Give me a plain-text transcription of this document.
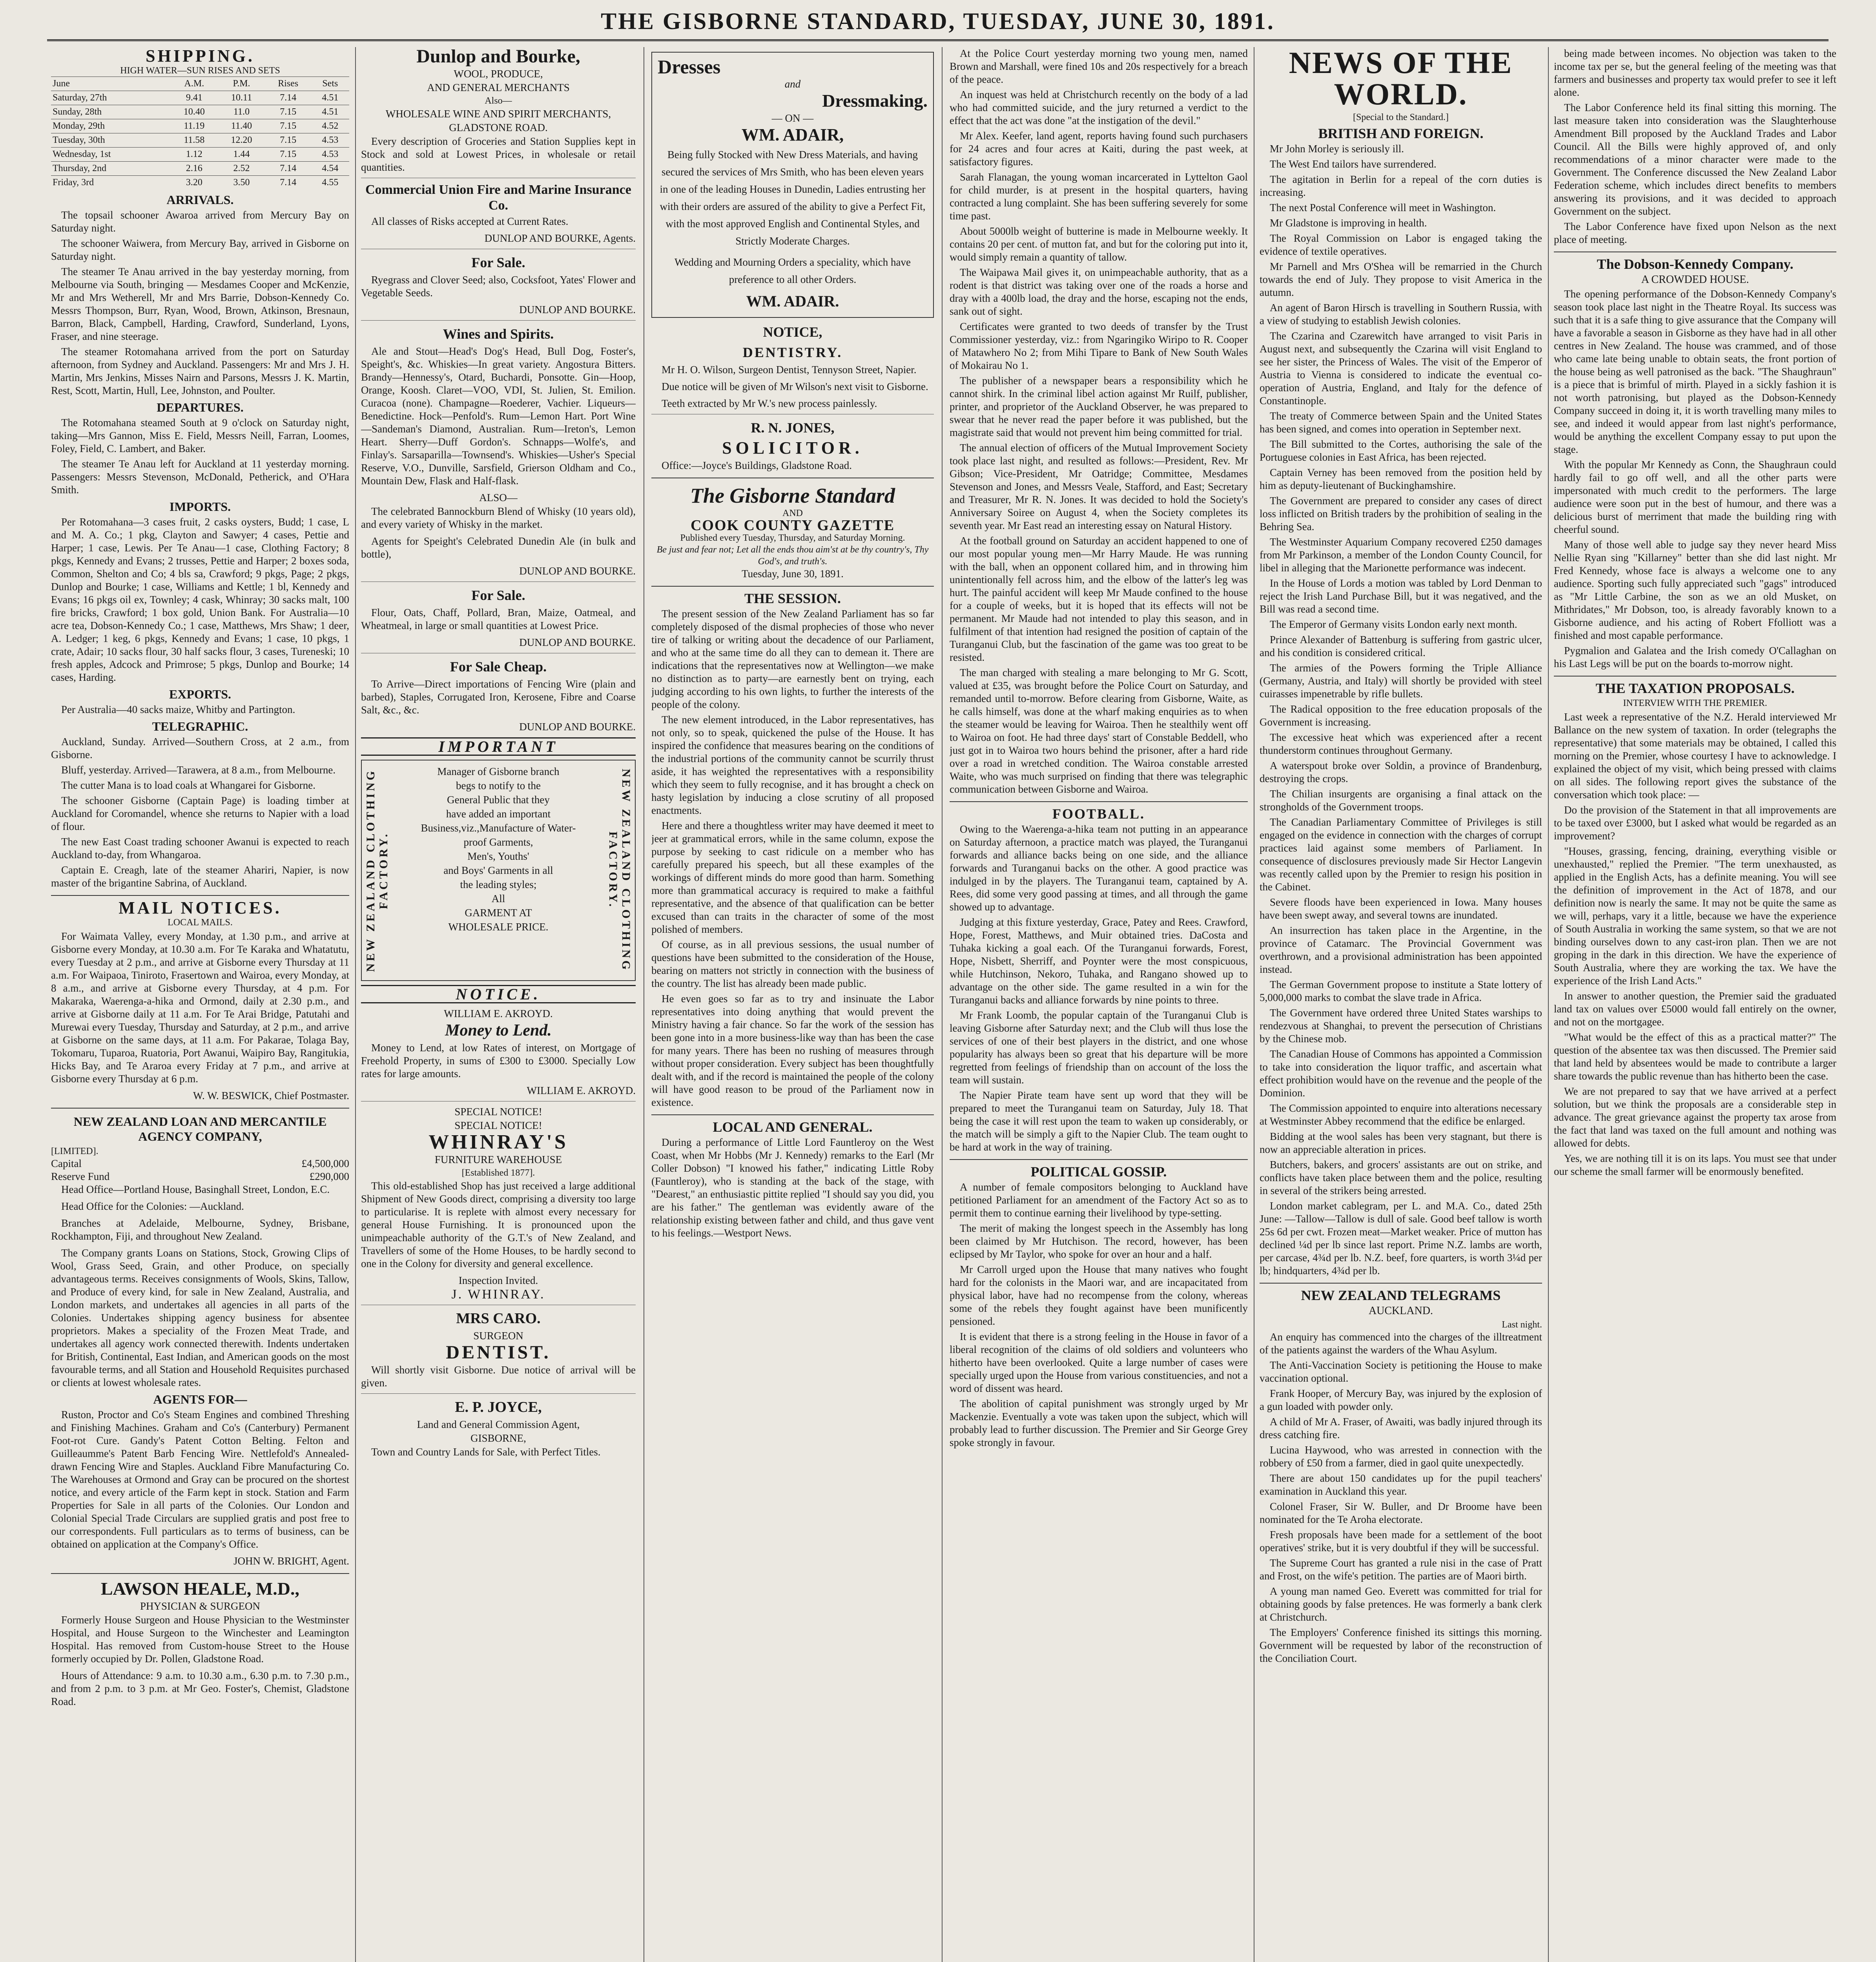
THE GISBORNE STANDARD, TUESDAY, JUNE 30, 1891.
SHIPPING.
HIGH WATER—SUN RISES AND SETS
June	A.M.	P.M.	Rises	Sets
Saturday, 27th	9.41	10.11	7.14	4.51
Sunday, 28th	10.40	11.0	7.15	4.51
Monday, 29th	11.19	11.40	7.15	4.52
Tuesday, 30th	11.58	12.20	7.15	4.53
Wednesday, 1st	1.12	1.44	7.15	4.53
Thursday, 2nd	2.16	2.52	7.14	4.54
Friday, 3rd	3.20	3.50	7.14	4.55
ARRIVALS.

The topsail schooner Awaroa arrived from Mercury Bay on Saturday night.

The schooner Waiwera, from Mercury Bay, arrived in Gisborne on Saturday night.

The steamer Te Anau arrived in the bay yesterday morning, from Melbourne via South, bringing — Mesdames Cooper and McKenzie, Mr and Mrs Wetherell, Mr and Mrs Barrie, Dobson-Kennedy Co. Messrs Thompson, Burr, Ryan, Wood, Brown, Atkinson, Bresnaun, Barron, Black, Campbell, Harding, Crawford, Sunderland, Lyons, Fraser, and nine steerage.

The steamer Rotomahana arrived from the port on Saturday afternoon, from Sydney and Auckland. Passengers: Mr and Mrs J. H. Martin, Mrs Jenkins, Misses Nairn and Parsons, Messrs J. K. Martin, Rest, Scott, Martin, Hull, Lee, Johnston, and Poulter.

DEPARTURES.

The Rotomahana steamed South at 9 o'clock on Saturday night, taking—Mrs Gannon, Miss E. Field, Messrs Neill, Farran, Loomes, Foley, Field, C. Lambert, and Baker.

The steamer Te Anau left for Auckland at 11 yesterday morning. Passengers: Messrs Stevenson, McDonald, Petherick, and O'Hara Smith.

IMPORTS.

Per Rotomahana—3 cases fruit, 2 casks oysters, Budd; 1 case, L and M. A. Co.; 1 pkg, Clayton and Sawyer; 4 cases, Pettie and Harper; 1 case, Lewis. Per Te Anau—1 case, Clothing Factory; 8 pkgs, Kennedy and Evans; 2 trusses, Pettie and Harper; 2 boxes soda, Common, Shelton and Co; 4 bls sa, Crawford; 9 pkgs, Page; 2 pkgs, Dunlop and Bourke; 1 case, Williams and Kettle; 1 bl, Kennedy and Evans; 16 pkgs oil ex, Townley; 4 cask, Whinray; 30 sacks malt, 100 fire bricks, Crawford; 1 box gold, Union Bank. For Australia—10 acre tea, Dobson-Kennedy Co.; 1 case, Matthews, Mrs Shaw; 1 deer, A. Ledger; 1 keg, 6 pkgs, Kennedy and Evans; 1 case, 10 pkgs, 1 crate, Adair; 10 sacks flour, 30 half sacks flour, 3 cases, Tureneski; 10 fresh apples, Adcock and Primrose; 5 pkgs, Dunlop and Bourke; 14 cases, Harding.

EXPORTS.

Per Australia—40 sacks maize, Whitby and Partington.

TELEGRAPHIC.

Auckland, Sunday. Arrived—Southern Cross, at 2 a.m., from Gisborne.

Bluff, yesterday. Arrived—Tarawera, at 8 a.m., from Melbourne.

The cutter Mana is to load coals at Whangarei for Gisborne.

The schooner Gisborne (Captain Page) is loading timber at Auckland for Coromandel, whence she returns to Napier with a load of flour.

The new East Coast trading schooner Awanui is expected to reach Auckland to-day, from Whangaroa.

Captain E. Creagh, late of the steamer Ahariri, Napier, is now master of the brigantine Sabrina, of Auckland.

MAIL NOTICES.
LOCAL MAILS.

For Waimata Valley, every Monday, at 1.30 p.m., and arrive at Gisborne every Monday, at 10.30 a.m. For Te Karaka and Whatatutu, every Tuesday at 2 p.m., and arrive at Gisborne every Thursday at 11 a.m. For Waipaoa, Tiniroto, Frasertown and Wairoa, every Monday, at 8 a.m., and arrive at Gisborne every Thursday, at 4 p.m. For Makaraka, Waerenga-a-hika and Ormond, daily at 2.30 p.m., and arrive at Gisborne daily at 11 a.m. For Te Arai Bridge, Patutahi and Murewai every Tuesday, Thursday and Saturday, at 2 p.m., and arrive at Gisborne on the same days, at 11 a.m. For Pakarae, Tolaga Bay, Tokomaru, Tuparoa, Ruatoria, Port Awanui, Waipiro Bay, Rangitukia, Hicks Bay, and Te Araroa every Friday at 7 p.m., and arrive at Gisborne every Thursday at 6 p.m.

W. W. BESWICK, Chief Postmaster.
NEW ZEALAND LOAN AND MERCANTILE AGENCY COMPANY,
[LIMITED].
Capital	£4,500,000
Reserve Fund	£290,000

Head Office—Portland House, Basinghall Street, London, E.C.

Head Office for the Colonies: —Auckland.

Branches at Adelaide, Melbourne, Sydney, Brisbane, Rockhampton, Fiji, and throughout New Zealand.

The Company grants Loans on Stations, Stock, Growing Clips of Wool, Grass Seed, Grain, and other Produce, on specially advantageous terms. Receives consignments of Wools, Skins, Tallow, and Produce of every kind, for sale in New Zealand, Australia, and London markets, and undertakes all agencies in all parts of the Colonies. Undertakes shipping agency business for absentee proprietors. Makes a speciality of the Frozen Meat Trade, and undertakes all agency work connected therewith. Indents undertaken for British, Continental, East Indian, and American goods on the most favourable terms, and all Station and Household Requisites purchased or clients at lowest wholesale rates.

AGENTS FOR—

Ruston, Proctor and Co's Steam Engines and combined Threshing and Finishing Machines. Graham and Co's (Canterbury) Permanent Foot-rot Cure. Gandy's Patent Cotton Belting. Felton and Guilleaumme's Patent Barb Fencing Wire. Nettlefold's Annealed-drawn Fencing Wire and Staples. Auckland Fibre Manufacturing Co. The Warehouses at Ormond and Gray can be procured on the shortest notice, and every article of the Farm kept in stock. Station and Farm Properties for Sale in all parts of the Colonies. Our London and Colonial Special Trade Circulars are supplied gratis and post free to our correspondents. Full particulars as to terms of business, can be obtained on application at the Company's Office.

JOHN W. BRIGHT, Agent.
LAWSON HEALE, M.D.,
PHYSICIAN & SURGEON

Formerly House Surgeon and House Physician to the Westminster Hospital, and House Surgeon to the Winchester and Leamington Hospital. Has removed from Custom-house Street to the House formerly occupied by Dr. Pollen, Gladstone Road.

Hours of Attendance: 9 a.m. to 10.30 a.m., 6.30 p.m. to 7.30 p.m., and from 2 p.m. to 3 p.m. at Mr Geo. Foster's, Chemist, Gladstone Road.

Dunlop and Bourke,
WOOL, PRODUCE,
AND GENERAL MERCHANTS
Also—
WHOLESALE WINE AND SPIRIT MERCHANTS,
GLADSTONE ROAD.

Every description of Groceries and Station Supplies kept in Stock and sold at Lowest Prices, in wholesale or retail quantities.

Commercial Union Fire and Marine Insurance Co.

All classes of Risks accepted at Current Rates.

DUNLOP AND BOURKE, Agents.
For Sale.

Ryegrass and Clover Seed; also, Cocksfoot, Yates' Flower and Vegetable Seeds.

DUNLOP AND BOURKE.
Wines and Spirits.

Ale and Stout—Head's Dog's Head, Bull Dog, Foster's, Speight's, &c. Whiskies—In great variety. Angostura Bitters. Brandy—Hennessy's, Otard, Buchardi, Ponsotte. Gin—Hoop, Orange, Koosh. Claret—VOO, VDI, St. Julien, St. Emilion. Curacoa (none). Champagne—Roederer, Vachier. Liqueurs—Benedictine. Hock—Penfold's. Rum—Lemon Hart. Port Wine—Sandeman's Diamond, Australian. Rum—Ireton's, Lemon Heart. Sherry—Duff Gordon's. Schnapps—Wolfe's, and Finlay's. Sarsaparilla—Townsend's. Whiskies—Usher's Special Reserve, V.O., Dunville, Sarsfield, Grierson Oldham and Co., Mountain Dew, Flask and Half-flask.

ALSO—

The celebrated Bannockburn Blend of Whisky (10 years old), and every variety of Whisky in the market.

Agents for Speight's Celebrated Dunedin Ale (in bulk and bottle),

DUNLOP AND BOURKE.
For Sale.

Flour, Oats, Chaff, Pollard, Bran, Maize, Oatmeal, and Wheatmeal, in large or small quantities at Lowest Price.

DUNLOP AND BOURKE.
For Sale Cheap.

To Arrive—Direct importations of Fencing Wire (plain and barbed), Staples, Corrugated Iron, Kerosene, Fibre and Coarse Salt, &c., &c.

DUNLOP AND BOURKE.
IMPORTANT
NEW ZEALAND CLOTHING FACTORY.	NEW ZEALAND CLOTHING FACTORY.
Manager of Gisborne branch
begs to notify to the
General Public that they
have added an important
Business,viz.,Manufacture of Water-
proof Garments,
Men's, Youths'
and Boys' Garments in all
the leading styles;
All
GARMENT AT
WHOLESALE PRICE.
NOTICE.
WILLIAM E. AKROYD.
Money to Lend.

Money to Lend, at low Rates of interest, on Mortgage of Freehold Property, in sums of £300 to £3000. Specially Low rates for large amounts.

WILLIAM E. AKROYD.
SPECIAL NOTICE!
SPECIAL NOTICE!
WHINRAY'S
FURNITURE WAREHOUSE
[Established 1877].

This old-established Shop has just received a large additional Shipment of New Goods direct, comprising a diversity too large to particularise. It is replete with almost every necessary for general House Furnishing. It is pronounced upon the unimpeachable authority of the G.T.'s of New Zealand, and Travellers of some of the Home Houses, to be hardly second to one in the Colony for diversity and general excellence.

Inspection Invited.
J. WHINRAY.
MRS CARO.
SURGEON
DENTIST.

Will shortly visit Gisborne. Due notice of arrival will be given.

E. P. JOYCE,
Land and General Commission Agent,
GISBORNE,

Town and Country Lands for Sale, with Perfect Titles.

Dresses
and
Dressmaking.
— ON —
WM. ADAIR,

Being fully Stocked with New Dress Materials, and having secured the services of Mrs Smith, who has been eleven years in one of the leading Houses in Dunedin, Ladies entrusting her with their orders are assured of the ability to give a Perfect Fit, with the most approved English and Continental Styles, and Strictly Moderate Charges.

Wedding and Mourning Orders a speciality, which have preference to all other Orders.

WM. ADAIR.
NOTICE,
DENTISTRY.

Mr H. O. Wilson, Surgeon Dentist, Tennyson Street, Napier.

Due notice will be given of Mr Wilson's next visit to Gisborne.

Teeth extracted by Mr W.'s new process painlessly.

R. N. JONES,
SOLICITOR.

Office:—Joyce's Buildings, Gladstone Road.

The Gisborne Standard
AND
COOK COUNTY GAZETTE
Published every Tuesday, Thursday, and Saturday Morning.
Be just and fear not; Let all the ends thou aim'st at be thy country's, Thy God's, and truth's.
Tuesday, June 30, 1891.
THE SESSION.

The present session of the New Zealand Parliament has so far completely disposed of the dismal prophecies of those who never tire of talking or writing about the decadence of our Parliament, and who at the same time do all they can to demean it. There are indications that the representatives now at Wellington—we make no distinction as to party—are earnestly bent on trying, each judging according to his own lights, to further the interests of the people of the colony.

The new element introduced, in the Labor representatives, has not only, so to speak, quickened the pulse of the House. It has inspired the confidence that measures bearing on the conditions of the industrial portions of the community cannot be scurrily thrust aside, it has weighted the representatives with a responsibility which they seem to fully recognise, and it has brought a check on hasty legislation by inducing a close scrutiny of all proposed enactments.

Here and there a thoughtless writer may have deemed it meet to jeer at grammatical errors, while in the same column, expose the purpose by seeking to cast ridicule on a member who has carefully prepared his speech, but all these examples of the workings of different minds do more good than harm. Something more than grammatical accuracy is required to make a faithful representative, and the absence of that qualification can be better excused than can traits in the character of some of the most polished of members.

Of course, as in all previous sessions, the usual number of questions have been submitted to the consideration of the House, bearing on matters not strictly in connection with the business of the country. The list has already been made public.

He even goes so far as to try and insinuate the Labor representatives into doing anything that would prevent the Ministry having a fair chance. So far the work of the session has been gone into in a more business-like way than has been the case for many years. There has been no rushing of measures through without proper consideration. Every subject has been thoughtfully dealt with, and if the record is maintained the people of the colony will have good reason to be proud of the Parliament now in existence.

LOCAL AND GENERAL.

During a performance of Little Lord Fauntleroy on the West Coast, when Mr Hobbs (Mr J. Kennedy) remarks to the Earl (Mr Coller Dobson) "I knowed his father," indicating Little Roby (Fauntleroy), who is standing at the back of the stage, with "Dearest," an enthusiastic pittite replied "I should say you did, you are his father." The gentleman was evidently aware of the relationship existing between father and child, and thus gave vent to his feelings.—Westport News.

At the Police Court yesterday morning two young men, named Brown and Marshall, were fined 10s and 20s respectively for a breach of the peace.

An inquest was held at Christchurch recently on the body of a lad who had committed suicide, and the jury returned a verdict to the effect that the act was done "at the instigation of the devil."

Mr Alex. Keefer, land agent, reports having found such purchasers for 24 acres and four acres at Kaiti, during the past week, at satisfactory figures.

Sarah Flanagan, the young woman incarcerated in Lyttelton Gaol for child murder, is at present in the hospital quarters, having contracted a lung complaint. She has been suffering severely for some time past.

About 5000lb weight of butterine is made in Melbourne weekly. It contains 20 per cent. of mutton fat, and but for the coloring put into it, would simply remain a quantity of tallow.

The Waipawa Mail gives it, on unimpeachable authority, that as a rodent is that district was taking over one of the roads a horse and dray with a 400lb load, the dray and the horse, escaping not the ends, sank out of sight.

Certificates were granted to two deeds of transfer by the Trust Commissioner yesterday, viz.: from Ngaringiko Wiripo to R. Cooper of Matawhero No 2; from Mihi Tipare to Bank of New South Wales of Mokairau No 1.

The publisher of a newspaper bears a responsibility which he cannot shirk. In the criminal libel action against Mr Ruilf, publisher, printer, and proprietor of the Auckland Observer, he was prepared to swear that he never read the paper before it was published, but the magistrate said that would not prevent him being committed for trial.

The annual election of officers of the Mutual Improvement Society took place last night, and resulted as follows:—President, Rev. Mr Gibson; Vice-President, Mr Oatridge; Committee, Mesdames Stevenson and Jones, and Messrs Veale, Stafford, and East; Secretary and Treasurer, Mr R. N. Jones. It was decided to hold the Society's Anniversary Soiree on August 4, when the Society completes its seventh year. Mr East read an interesting essay on Natural History.

At the football ground on Saturday an accident happened to one of our most popular young men—Mr Harry Maude. He was running with the ball, when an opponent collared him, and in throwing him unintentionally fell across him, and the elbow of the latter's leg was hurt. The painful accident will keep Mr Maude confined to the house for a couple of weeks, but it is hoped that its effects will not be permanent. Mr Maude had not intended to play this season, and in fulfilment of that intention had resigned the position of captain of the Turanganui Club, but the fascination of the game was too great to be resisted.

The man charged with stealing a mare belonging to Mr G. Scott, valued at £35, was brought before the Police Court on Saturday, and remanded until to-morrow. Before clearing from Gisborne, Waite, as he calls himself, was done at the wharf making enquiries as to when the steamer would be leaving for Wairoa. Then he stealthily went off to Wairoa on foot. He had three days' start of Constable Beddell, who just got in to Wairoa two hours behind the prisoner, after a hard ride over a road in wretched condition. The Wairoa constable arrested Waite, who was much surprised on finding that there was telegraphic communication between Gisborne and Wairoa.

FOOTBALL.

Owing to the Waerenga-a-hika team not putting in an appearance on Saturday afternoon, a practice match was played, the Turanganui forwards and alliance backs being on one side, and the alliance forwards and Turanganui backs on the other. A good practice was indulged in by the players. The Turanganui team, captained by A. Rees, did some very good passing at times, and all through the game showed up to advantage.

Judging at this fixture yesterday, Grace, Patey and Rees. Crawford, Hope, Forest, Matthews, and Muir obtained tries. DaCosta and Tuhaka kicking a goal each. Of the Turanganui forwards, Forest, Hope, Nisbett, Sherriff, and Poynter were the most conspicuous, while Hutchinson, Nekoro, Tuhaka, and Rangano showed up to advantage on the other side. The game resulted in a win for the Turanganui backs and alliance forwards by nine points to three.

Mr Frank Loomb, the popular captain of the Turanganui Club is leaving Gisborne after Saturday next; and the Club will thus lose the services of one of their best players in the district, and one whose popularity has always been so great that his departure will be more regretted from feelings of friendship than on account of the loss the team will sustain.

The Napier Pirate team have sent up word that they will be prepared to meet the Turanganui team on Saturday, July 18. That being the case it will rest upon the team to waken up considerably, or the match will be simply a gift to the Napier Club. The team ought to be hard at work in the way of training.

POLITICAL GOSSIP.

A number of female compositors belonging to Auckland have petitioned Parliament for an amendment of the Factory Act so as to permit them to continue earning their livelihood by type-setting.

The merit of making the longest speech in the Assembly has long been claimed by Mr Hutchison. The record, however, has been eclipsed by Mr Taylor, who spoke for over an hour and a half.

Mr Carroll urged upon the House that many natives who fought hard for the colonists in the Maori war, and are incapacitated from physical labor, have had no recompense from the colony, whereas some of the rebels they fought against have been munificently pensioned.

It is evident that there is a strong feeling in the House in favor of a liberal recognition of the claims of old soldiers and volunteers who hitherto have been overlooked. Quite a large number of cases were specially urged upon the House from various constituencies, and not a word of dissent was heard.

The abolition of capital punishment was strongly urged by Mr Mackenzie. Eventually a vote was taken upon the subject, which will probably lead to further discussion. The Premier and Sir George Grey spoke strongly in favour.

NEWS OF THE WORLD.
[Special to the Standard.]
BRITISH AND FOREIGN.

Mr John Morley is seriously ill.

The West End tailors have surrendered.

The agitation in Berlin for a repeal of the corn duties is increasing.

The next Postal Conference will meet in Washington.

Mr Gladstone is improving in health.

The Royal Commission on Labor is engaged taking the evidence of textile operatives.

Mr Parnell and Mrs O'Shea will be remarried in the Church towards the end of July. They propose to visit America in the autumn.

An agent of Baron Hirsch is travelling in Southern Russia, with a view of studying to establish Jewish colonies.

The Czarina and Czarewitch have arranged to visit Paris in August next, and subsequently the Czarina will visit England to see her sister, the Princess of Wales. The visit of the Emperor of Austria to Vienna is considered to indicate the eventual co-operation of Austria, England, and Italy for the defence of Constantinople.

The treaty of Commerce between Spain and the United States has been signed, and comes into operation in September next.

The Bill submitted to the Cortes, authorising the sale of the Portuguese colonies in East Africa, has been rejected.

Captain Verney has been removed from the position held by him as deputy-lieutenant of Buckinghamshire.

The Government are prepared to consider any cases of direct loss inflicted on British traders by the prohibition of sealing in the Behring Sea.

The Westminster Aquarium Company recovered £250 damages from Mr Parkinson, a member of the London County Council, for libel in alleging that the Marionette performance was indecent.

In the House of Lords a motion was tabled by Lord Denman to reject the Irish Land Purchase Bill, but it was negatived, and the Bill was read a second time.

The Emperor of Germany visits London early next month.

Prince Alexander of Battenburg is suffering from gastric ulcer, and his condition is considered critical.

The armies of the Powers forming the Triple Alliance (Germany, Austria, and Italy) will shortly be provided with steel cuirasses impenetrable by rifle bullets.

The Radical opposition to the free education proposals of the Government is increasing.

The excessive heat which was experienced after a recent thunderstorm continues throughout Germany.

A waterspout broke over Soldin, a province of Brandenburg, destroying the crops.

The Chilian insurgents are organising a final attack on the strongholds of the Government troops.

The Canadian Parliamentary Committee of Privileges is still engaged on the evidence in connection with the charges of corrupt practices laid against some members of Parliament. In consequence of disclosures previously made Sir Hector Langevin was recently called upon by the Premier to resign his position in the Cabinet.

Severe floods have been experienced in Iowa. Many houses have been swept away, and several towns are inundated.

An insurrection has taken place in the Argentine, in the province of Catamarc. The Provincial Government was overthrown, and a provisional administration has been appointed instead.

The German Government propose to institute a State lottery of 5,000,000 marks to combat the slave trade in Africa.

The Government have ordered three United States warships to rendezvous at Shanghai, to prevent the persecution of Christians by the Chinese mob.

The Canadian House of Commons has appointed a Commission to take into consideration the liquor traffic, and ascertain what effect prohibition would have on the revenue and the people of the Dominion.

The Commission appointed to enquire into alterations necessary at Westminster Abbey recommend that the edifice be enlarged.

Bidding at the wool sales has been very stagnant, but there is now an appreciable alteration in prices.

Butchers, bakers, and grocers' assistants are out on strike, and conflicts have taken place between them and the police, resulting in several of the strikers being arrested.

London market cablegram, per L. and M.A. Co., dated 25th June: —Tallow—Tallow is dull of sale. Good beef tallow is worth 25s 6d per cwt. Frozen meat—Market weaker. Price of mutton has declined ¼d per lb since last report. Prime N.Z. lambs are worth, per carcase, 4¾d per lb. N.Z. beef, fore quarters, is worth 3¼d per lb; hindquarters, 4¾d per lb.

NEW ZEALAND TELEGRAMS
AUCKLAND.
Last night.

An enquiry has commenced into the charges of the illtreatment of the patients against the warders of the Whau Asylum.

The Anti-Vaccination Society is petitioning the House to make vaccination optional.

Frank Hooper, of Mercury Bay, was injured by the explosion of a gun loaded with powder only.

A child of Mr A. Fraser, of Awaiti, was badly injured through its dress catching fire.

Lucina Haywood, who was arrested in connection with the robbery of £50 from a farmer, died in gaol quite unexpectedly.

There are about 150 candidates up for the pupil teachers' examination in Auckland this year.

Colonel Fraser, Sir W. Buller, and Dr Broome have been nominated for the Te Aroha electorate.

Fresh proposals have been made for a settlement of the boot operatives' strike, but it is very doubtful if they will be successful.

The Supreme Court has granted a rule nisi in the case of Pratt and Frost, on the wife's petition. The parties are of Maori birth.

A young man named Geo. Everett was committed for trial for obtaining goods by false pretences. He was formerly a bank clerk at Christchurch.

The Employers' Conference finished its sittings this morning. Government will be requested by labor of the reconstruction of the Conciliation Court.

being made between incomes. No objection was taken to the income tax per se, but the general feeling of the meeting was that farmers and businesses and property tax would prefer to see it left alone.

The Labor Conference held its final sitting this morning. The last measure taken into consideration was the Slaughterhouse Amendment Bill proposed by the Auckland Trades and Labor Council. All the Bills were highly approved of, and only recommendations of a minor character were made to the Government. The Conference discussed the New Zealand Labor Federation scheme, which includes direct benefits to members answering its provisions, and it was decided to approach Government on the subject.

The Labor Conference have fixed upon Nelson as the next place of meeting.

The Dobson-Kennedy Company.
A CROWDED HOUSE.

The opening performance of the Dobson-Kennedy Company's season took place last night in the Theatre Royal. Its success was such that it is a safe thing to give assurance that the Company will have a favorable a season in Gisborne as they have had in all other centres in New Zealand. The house was crammed, and of those who came late being unable to obtain seats, the front portion of the house being as well patronised as the back. "The Shaughraun" is a piece that is brimful of mirth. Played in a sickly fashion it is not worth patronising, but played as the Dobson-Kennedy Company succeed in doing it, it is worth travelling many miles to see, and indeed it would appear from last night's performance, would be anything the excellent Company essay to put upon the stage.

With the popular Mr Kennedy as Conn, the Shaughraun could hardly fail to go off well, and all the other parts were impersonated with much credit to the performers. The large audience were soon put in the best of humour, and there was a delicious burst of merriment that made the building ring with cheerful sound.

Many of those well able to judge say they never heard Miss Nellie Ryan sing "Killarney" better than she did last night. Mr Fred Kennedy, whose face is always a welcome one to any audience. Sporting such fully appreciated such "gags" introduced as "Mr Little Carbine, the son as we an old Musket, on Mithridates," Mr Dobson, too, is already favorably known to a Gisborne audience, and his acting of Robert Ffolliott was a finished and most capable performance.

Pygmalion and Galatea and the Irish comedy O'Callaghan on his Last Legs will be put on the boards to-morrow night.

THE TAXATION PROPOSALS.
INTERVIEW WITH THE PREMIER.

Last week a representative of the N.Z. Herald interviewed Mr Ballance on the new system of taxation. In order (telegraphs the representative) that some materials may be obtained, I called this morning on the Premier, whose courtesy I have to acknowledge. I explained the object of my visit, which being pressed with claims on all sides. The following report gives the substance of the conversation which took place: —

Do the provision of the Statement in that all improvements are to be taxed over £3000, but I asked what would be regarded as an improvement?

"Houses, grassing, fencing, draining, everything visible or unexhausted," replied the Premier. "The term unexhausted, as applied in the English Acts, has a definite meaning. You will see the definition of improvement in the Act of 1878, and our definition now is nearly the same. It may not be quite the same as we will, perhaps, vary it a little, because we have the experience of South Australia in working the same system, so that we are not binding ourselves down to any cast-iron plan. Then we are not groping in the dark in this direction. We have the experience of South Australia, where they are working the tax. We have the experience of the Irish Land Acts."

In answer to another question, the Premier said the graduated land tax on values over £5000 would fall entirely on the owner, and not on the mortgagee.

"What would be the effect of this as a practical matter?" The question of the absentee tax was then discussed. The Premier said that land held by absentees would be made to contribute a larger share towards the public revenue than has hitherto been the case.

We are not prepared to say that we have arrived at a perfect solution, but we think the proposals are a considerable step in advance. The great grievance against the property tax arose from the fact that land was taxed on the full amount and nothing was allowed for debts.

Yes, we are nothing till it is on its laps. You must see that under our scheme the small farmer will be enormously benefited.
